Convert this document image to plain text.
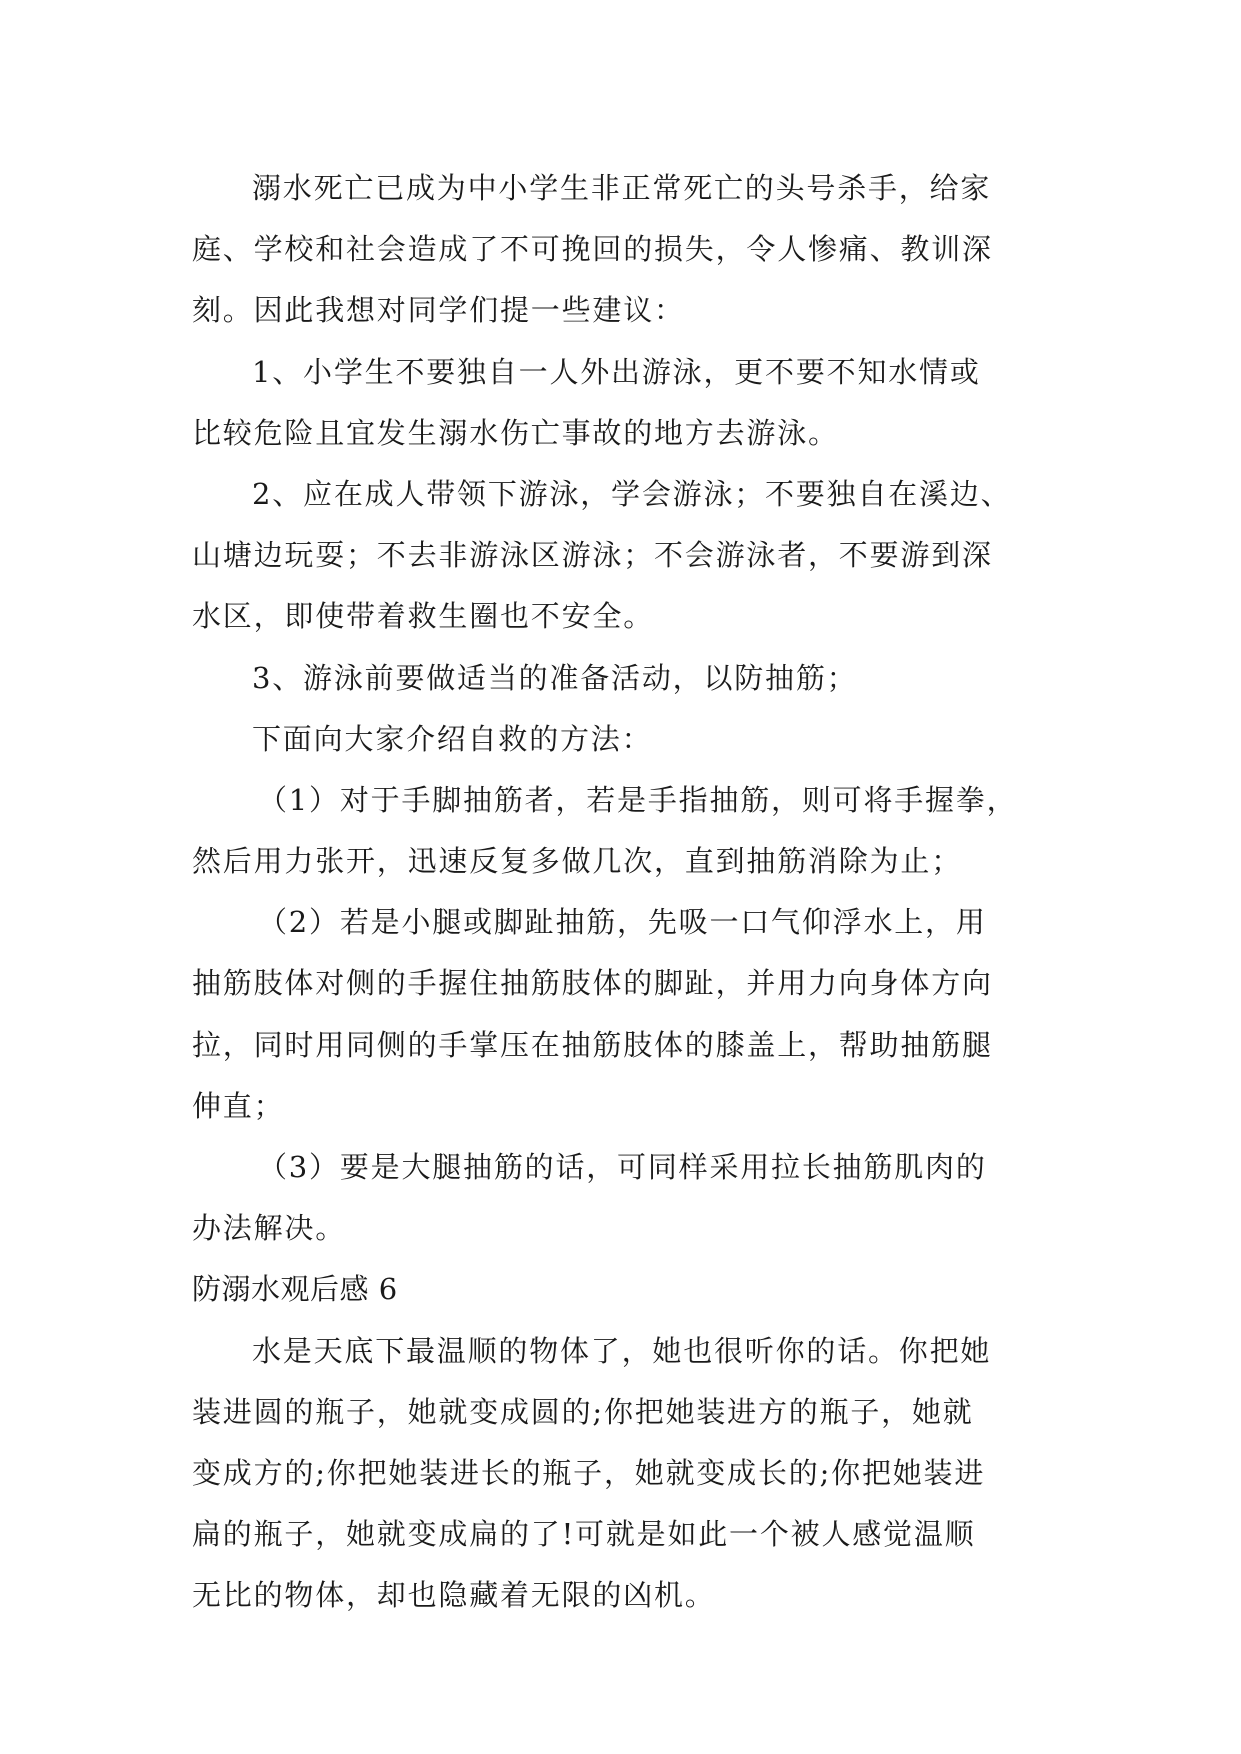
溺水死亡已成为中小学生非正常死亡的头号杀手，给家
庭、学校和社会造成了不可挽回的损失，令人惨痛、教训深
刻。因此我想对同学们提一些建议：
1、小学生不要独自一人外出游泳，更不要不知水情或
比较危险且宜发生溺水伤亡事故的地方去游泳。
2、应在成人带领下游泳，学会游泳；不要独自在溪边、
山塘边玩耍；不去非游泳区游泳；不会游泳者，不要游到深
水区，即使带着救生圈也不安全。
3、游泳前要做适当的准备活动，以防抽筋；
下面向大家介绍自救的方法：
（1）对于手脚抽筋者，若是手指抽筋，则可将手握拳，
然后用力张开，迅速反复多做几次，直到抽筋消除为止；
（2）若是小腿或脚趾抽筋，先吸一口气仰浮水上，用
抽筋肢体对侧的手握住抽筋肢体的脚趾，并用力向身体方向
拉，同时用同侧的手掌压在抽筋肢体的膝盖上，帮助抽筋腿
伸直；
（3）要是大腿抽筋的话，可同样采用拉长抽筋肌肉的
办法解决。
防溺水观后感 6
水是天底下最温顺的物体了，她也很听你的话。你把她
装进圆的瓶子，她就变成圆的;你把她装进方的瓶子，她就
变成方的;你把她装进长的瓶子，她就变成长的;你把她装进
扁的瓶子，她就变成扁的了!可就是如此一个被人感觉温顺
无比的物体，却也隐藏着无限的凶机。
